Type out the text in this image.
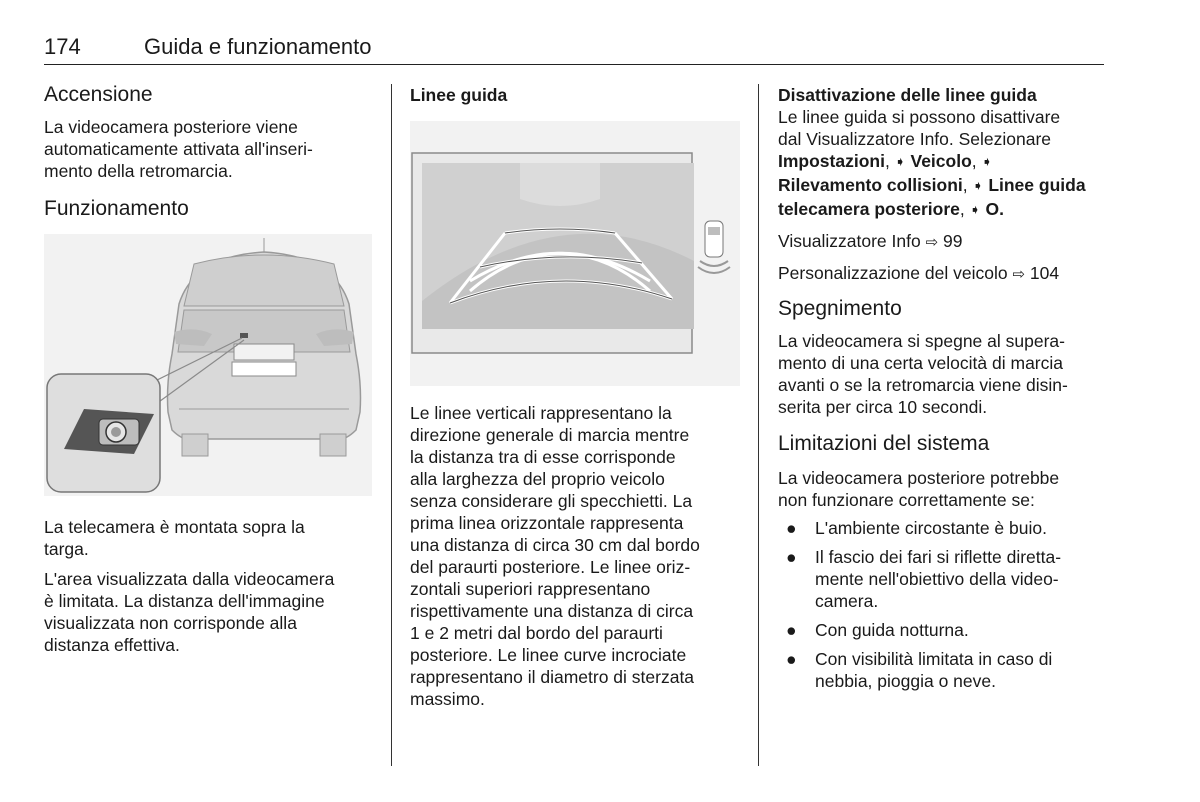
174	Guida e funzionamento
Accensione

La videocamera posteriore viene

automaticamente attivata all'inseri-

mento della retromarcia.

Funzionamento

La telecamera è montata sopra la

targa.

L'area visualizzata dalla videocamera

è limitata. La distanza dell'immagine

visualizzata non corrisponde alla

distanza effettiva.

Linee guida

Le linee verticali rappresentano la

direzione generale di marcia mentre

la distanza tra di esse corrisponde

alla larghezza del proprio veicolo

senza considerare gli specchietti. La

prima linea orizzontale rappresenta

una distanza di circa 30 cm dal bordo

del paraurti posteriore. Le linee oriz-

zontali superiori rappresentano

rispettivamente una distanza di circa

1 e 2 metri dal bordo del paraurti

posteriore. Le linee curve incrociate

rappresentano il diametro di sterzata

massimo.

Disattivazione delle linee guida

Le linee guida si possono disattivare

dal Visualizzatore Info. Selezionare

Impostazioni, ➧ Veicolo, ➧

Rilevamento collisioni, ➧ Linee guida

telecamera posteriore, ➧ O.

Visualizzatore Info ⇨ 99

Personalizzazione del veicolo ⇨ 104

Spegnimento

La videocamera si spegne al supera-

mento di una certa velocità di marcia

avanti o se la retromarcia viene disin-

serita per circa 10 secondi.

Limitazioni del sistema

La videocamera posteriore potrebbe

non funzionare correttamente se:

● L'ambiente circostante è buio.
● Il fascio dei fari si riflette diretta-
mente nell'obiettivo della video-
camera.
● Con guida notturna.
● Con visibilità limitata in caso di
nebbia, pioggia o neve.
